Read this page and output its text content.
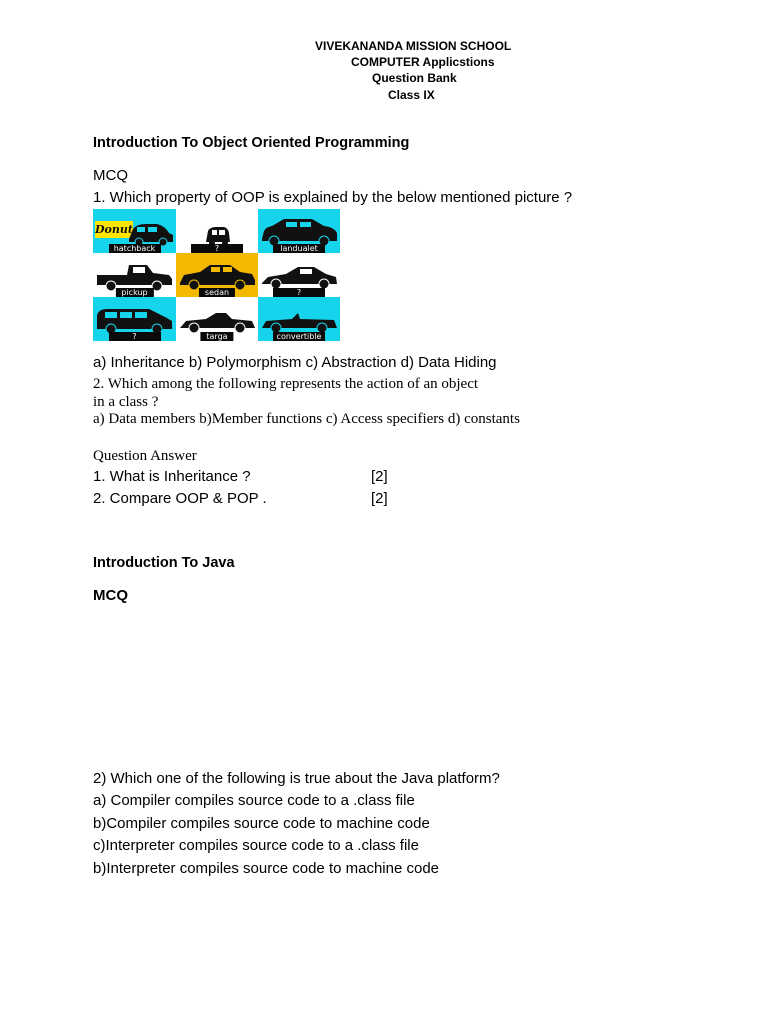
VIVEKANANDA MISSION SCHOOL
COMPUTER Applicstions
Question Bank
Class IX
Introduction To Object Oriented Programming
MCQ
1. Which property of OOP is explained by the below mentioned picture ?
Donut
hatchback	?	landualet
pickup	sedan	?
?	targa	convertible
a) Inheritance b) Polymorphism c) Abstraction d) Data Hiding
2. Which among the following represents the action of an object
in a class ?
a) Data members b)Member functions c) Access specifiers d) constants
Question Answer
1. What is Inheritance ?	[2]
2. Compare OOP & POP .	[2]
Introduction To Java
MCQ
2) Which one of the following is true about the Java platform?
a) Compiler compiles source code to a .class file
b)Compiler compiles source code to machine code
c)Interpreter compiles source code to a .class file
b)Interpreter compiles source code to machine code
